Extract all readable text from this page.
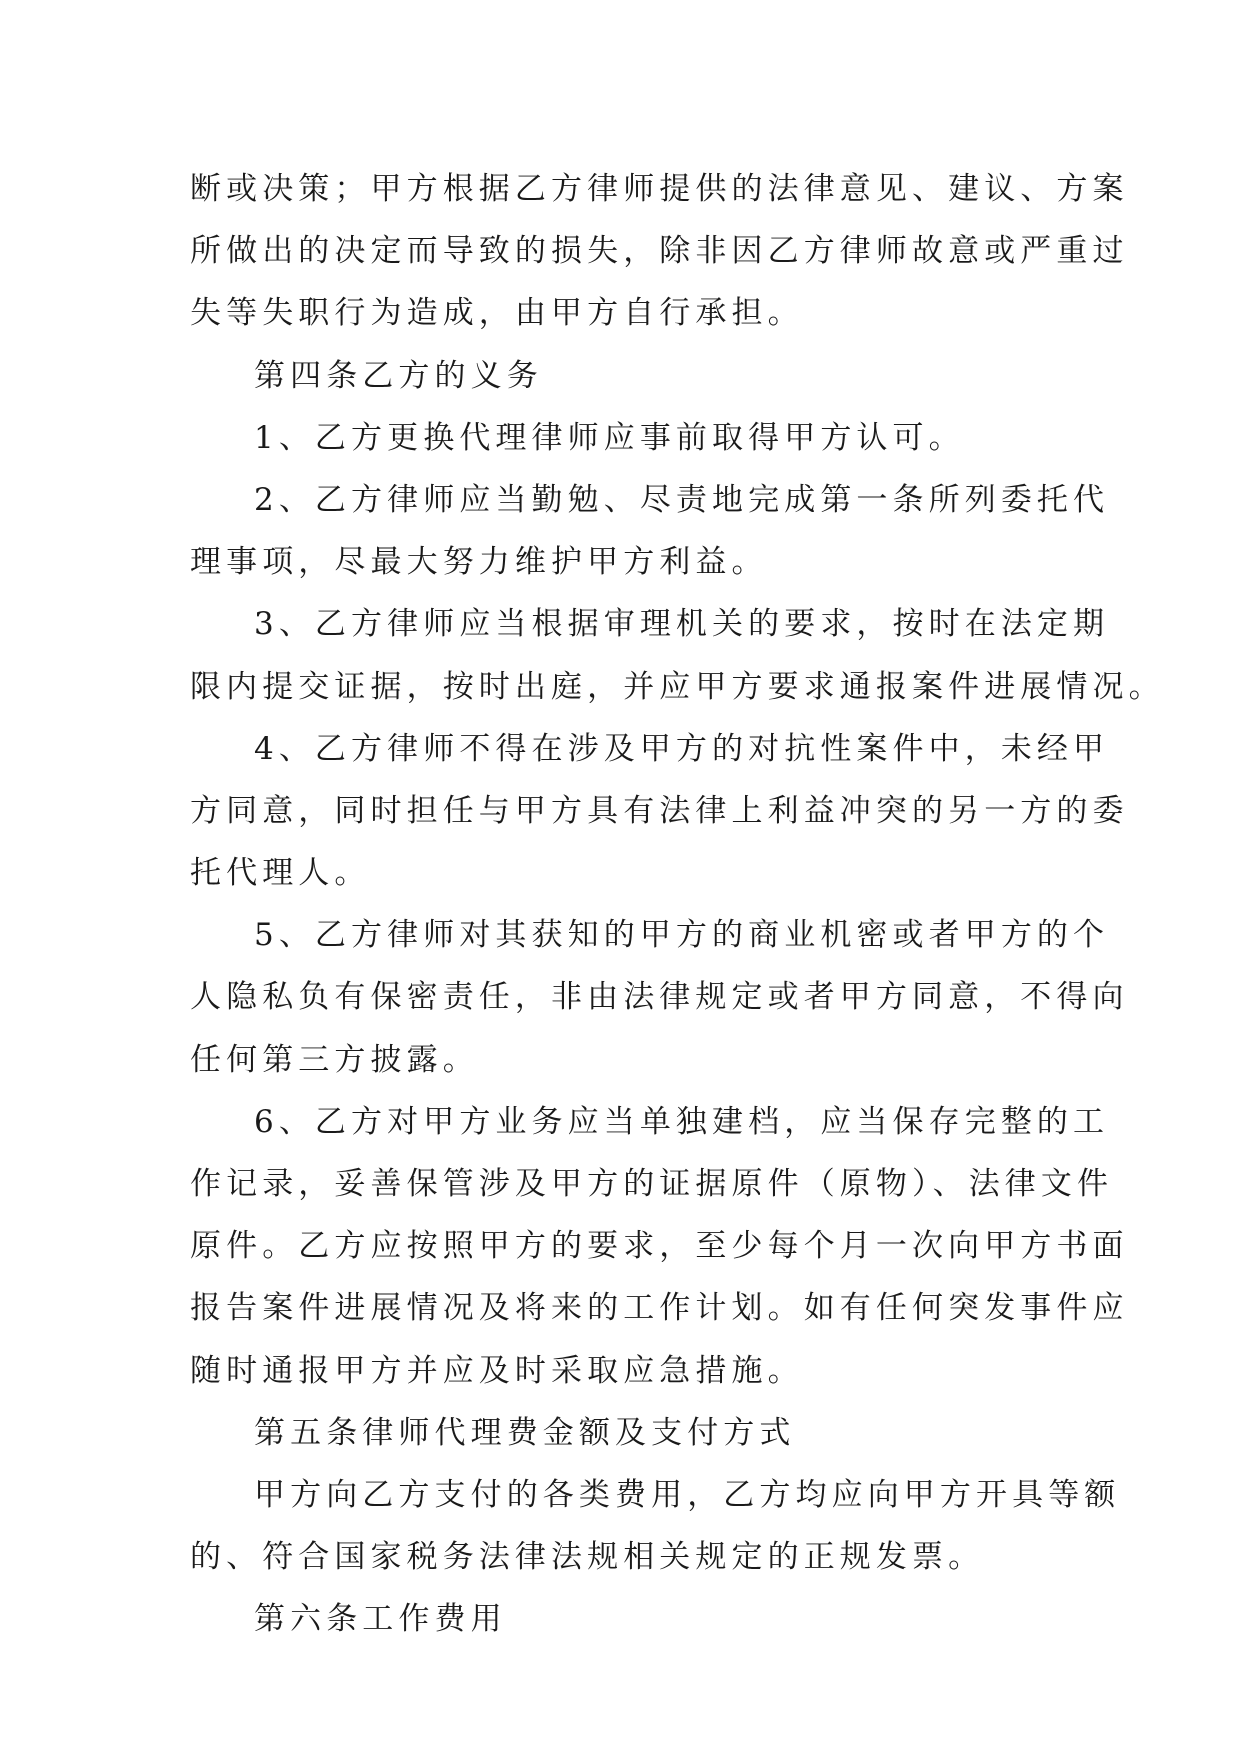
断或决策；甲方根据乙方律师提供的法律意见、建议、方案
所做出的决定而导致的损失，除非因乙方律师故意或严重过
失等失职行为造成，由甲方自行承担。
第四条乙方的义务
1、乙方更换代理律师应事前取得甲方认可。
2、乙方律师应当勤勉、尽责地完成第一条所列委托代
理事项，尽最大努力维护甲方利益。
3、乙方律师应当根据审理机关的要求，按时在法定期
限内提交证据，按时出庭，并应甲方要求通报案件进展情况。
4、乙方律师不得在涉及甲方的对抗性案件中，未经甲
方同意，同时担任与甲方具有法律上利益冲突的另一方的委
托代理人。
5、乙方律师对其获知的甲方的商业机密或者甲方的个
人隐私负有保密责任，非由法律规定或者甲方同意，不得向
任何第三方披露。
6、乙方对甲方业务应当单独建档，应当保存完整的工
作记录，妥善保管涉及甲方的证据原件（原物）、法律文件
原件。乙方应按照甲方的要求，至少每个月一次向甲方书面
报告案件进展情况及将来的工作计划。如有任何突发事件应
随时通报甲方并应及时采取应急措施。
第五条律师代理费金额及支付方式
甲方向乙方支付的各类费用，乙方均应向甲方开具等额
的、符合国家税务法律法规相关规定的正规发票。
第六条工作费用
